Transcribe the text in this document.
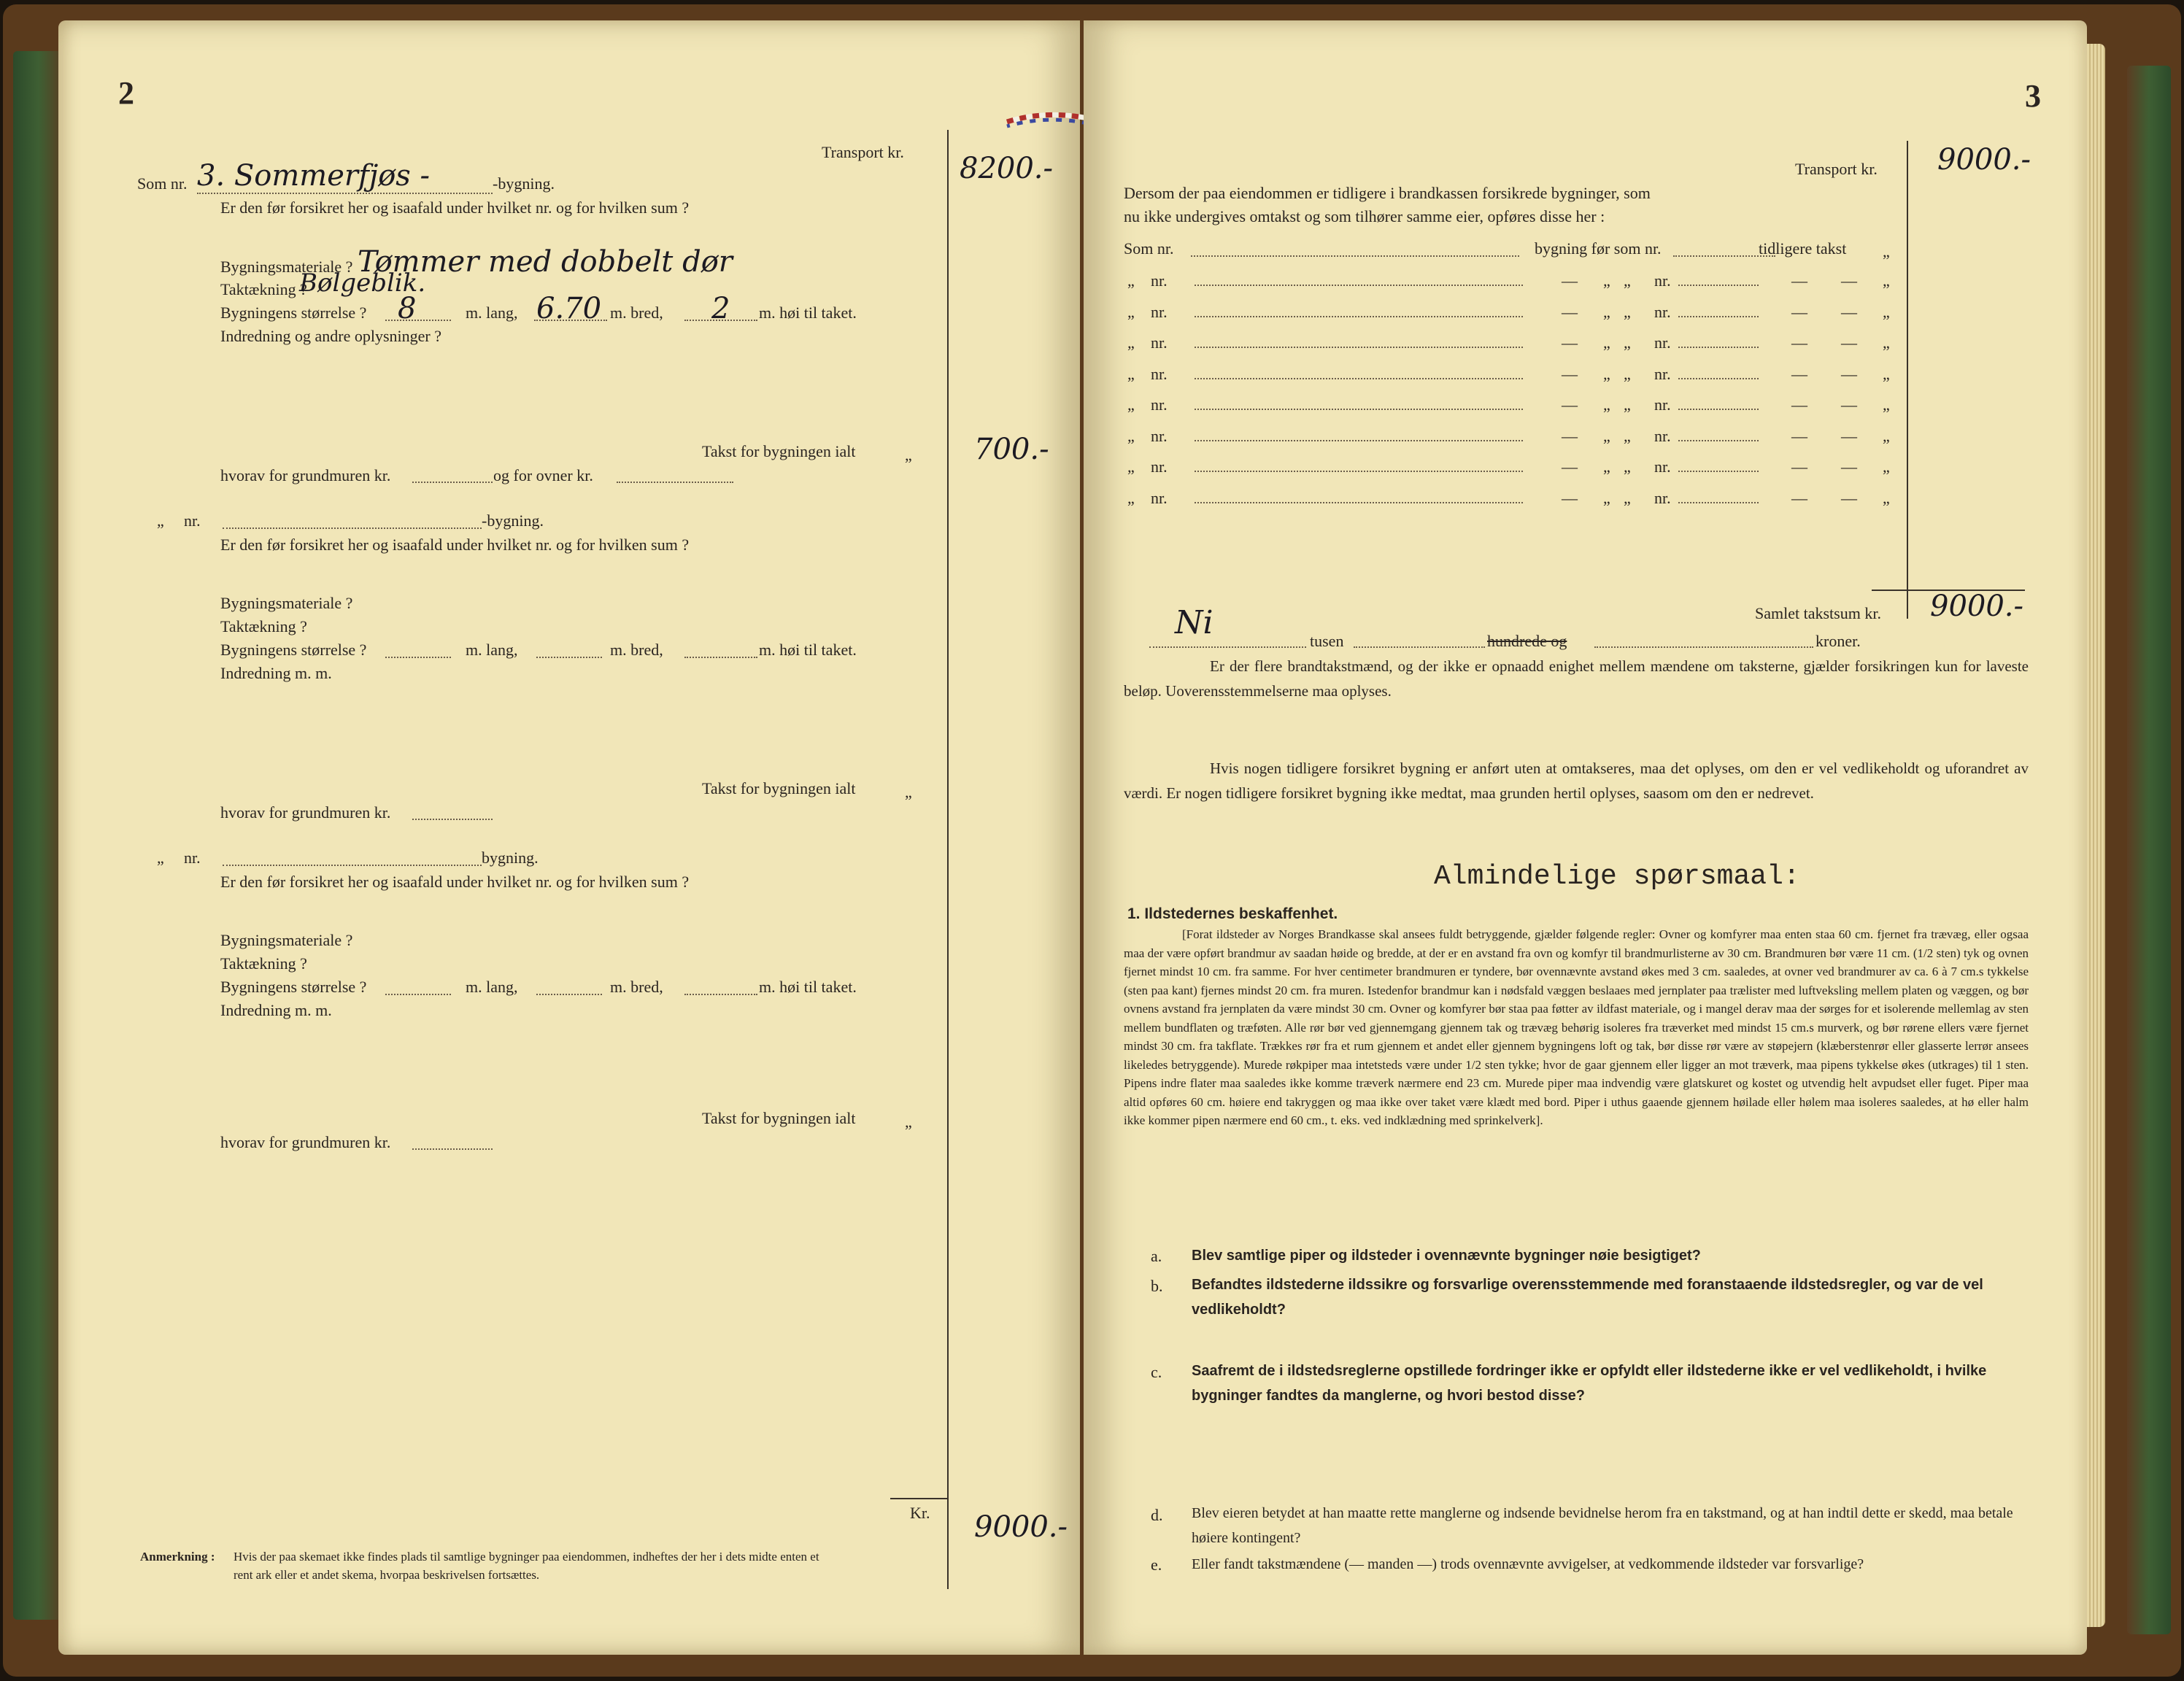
2
Transport kr. 8200.-
Som nr. 3. Sommerfjøs -	-bygning.
Er den før forsikret her og isaafald under hvilket nr. og for hvilken sum ?
Bygningsmateriale ? Tømmer med dobbelt dør
Taktækning ?
Bølgeblik.
Bygningens størrelse ? 8	m. lang, 6.70 m. bred, 2 m. høi til taket.
Indredning og andre oplysninger ?
Takst for bygningen ialt	„ 700.-
hvorav for grundmuren kr.	og for ovner kr.
„ nr.	-bygning.
Er den før forsikret her og isaafald under hvilket nr. og for hvilken sum ?
Bygningsmateriale ?
Taktækning ?
Bygningens størrelse ?	m. lang,	m. bred,	m. høi til taket.
Indredning m. m.
Takst for bygningen ialt	„
hvorav for grundmuren kr.
„ nr.	bygning.
Er den før forsikret her og isaafald under hvilket nr. og for hvilken sum ?
Bygningsmateriale ?
Taktækning ?
Bygningens størrelse ?	m. lang,	m. bred,	m. høi til taket.
Indredning m. m.
Takst for bygningen ialt	„
hvorav for grundmuren kr.
Kr. 9000.-
Anmerkning : Hvis der paa skemaet ikke findes plads til samtlige bygninger paa eiendommen, indheftes der her i dets midte enten et
rent ark eller et andet skema, hvorpaa beskrivelsen fortsættes.
3
Transport kr. 9000.-
Dersom der paa eiendommen er tidligere i brandkassen forsikrede bygninger, som
nu ikke undergives omtakst og som tilhører samme eier, opføres disse her :
Som nr.	bygning før som nr.	tidligere takst „
„ nr.	— „ „ nr.	— — „
„ nr.	— „ „ nr.	— — „
„ nr.	— „ „ nr.	— — „
„ nr.	— „ „ nr.	— — „
„ nr.	— „ „ nr.	— — „
„ nr.	— „ „ nr.	— — „
„ nr.	— „ „ nr.	— — „
„ nr.	— „ „ nr.	— — „
Samlet takstsum kr. 9000.-
Ni	tusen	hundrede og	kroner.
Er der flere brandtakstmænd, og der ikke er opnaadd enighet mellem mændene om taksterne, gjælder forsikringen kun for laveste beløp. Uoverensstemmelserne maa oplyses.
Hvis nogen tidligere forsikret bygning er anført uten at omtakseres, maa det oplyses, om den er vel vedlikeholdt og uforandret av værdi. Er nogen tidligere forsikret bygning ikke medtat, maa grunden hertil oplyses, saasom om den er nedrevet.
Almindelige spørsmaal:
1. Ildstedernes beskaffenhet.
[Forat ildsteder av Norges Brandkasse skal ansees fuldt betryggende, gjælder følgende regler: Ovner og komfyrer maa enten staa 60 cm. fjernet fra trævæg, eller ogsaa maa der være opført brandmur av saadan høide og bredde, at der er en avstand fra ovn og komfyr til brandmurlisterne av 30 cm. Brandmuren bør være 11 cm. (1/2 sten) tyk og ovnen fjernet mindst 10 cm. fra samme. For hver centimeter brandmuren er tyndere, bør ovennævnte avstand økes med 3 cm. saaledes, at ovner ved brandmurer av ca. 6 à 7 cm.s tykkelse (sten paa kant) fjernes mindst 20 cm. fra muren. Istedenfor brandmur kan i nødsfald væggen beslaaes med jernplater paa trælister med luftveksling mellem platen og væggen, og bør ovnens avstand fra jernplaten da være mindst 30 cm. Ovner og komfyrer bør staa paa føtter av ildfast materiale, og i mangel derav maa der sørges for et isolerende mellemlag av sten mellem bundflaten og træføten. Alle rør bør ved gjennemgang gjennem tak og trævæg behørig isoleres fra træverket med mindst 15 cm.s murverk, og bør rørene ellers være fjernet mindst 30 cm. fra takflate. Trækkes rør fra et rum gjennem et andet eller gjennem bygningens loft og tak, bør disse rør være av støpejern (klæberstenrør eller glasserte lerrør ansees likeledes betryggende). Murede røkpiper maa intetsteds være under 1/2 sten tykke; hvor de gaar gjennem eller ligger an mot træverk, maa pipens tykkelse økes (utkrages) til 1 sten. Pipens indre flater maa saaledes ikke komme træverk nærmere end 23 cm. Murede piper maa indvendig være glatskuret og kostet og utvendig helt avpudset eller fuget. Piper maa altid opføres 60 cm. høiere end takryggen og maa ikke over taket være klædt med bord. Piper i uthus gaaende gjennem høilade eller hølem maa isoleres saaledes, at hø eller halm ikke kommer pipen nærmere end 60 cm., t. eks. ved indklædning med sprinkelverk].
a. Blev samtlige piper og ildsteder i ovennævnte bygninger nøie besigtiget?
b. Befandtes ildstederne ildssikre og forsvarlige overensstemmende med foranstaaende ildstedsregler, og var de vel vedlikeholdt?
c. Saafremt de i ildstedsreglerne opstillede fordringer ikke er opfyldt eller ildstederne ikke er vel vedlikeholdt, i hvilke bygninger fandtes da manglerne, og hvori bestod disse?
d. Blev eieren betydet at han maatte rette manglerne og indsende bevidnelse herom fra en takstmand, og at han indtil dette er skedd, maa betale høiere kontingent?
e. Eller fandt takstmændene (— manden —) trods ovennævnte avvigelser, at vedkommende ildsteder var forsvarlige?
